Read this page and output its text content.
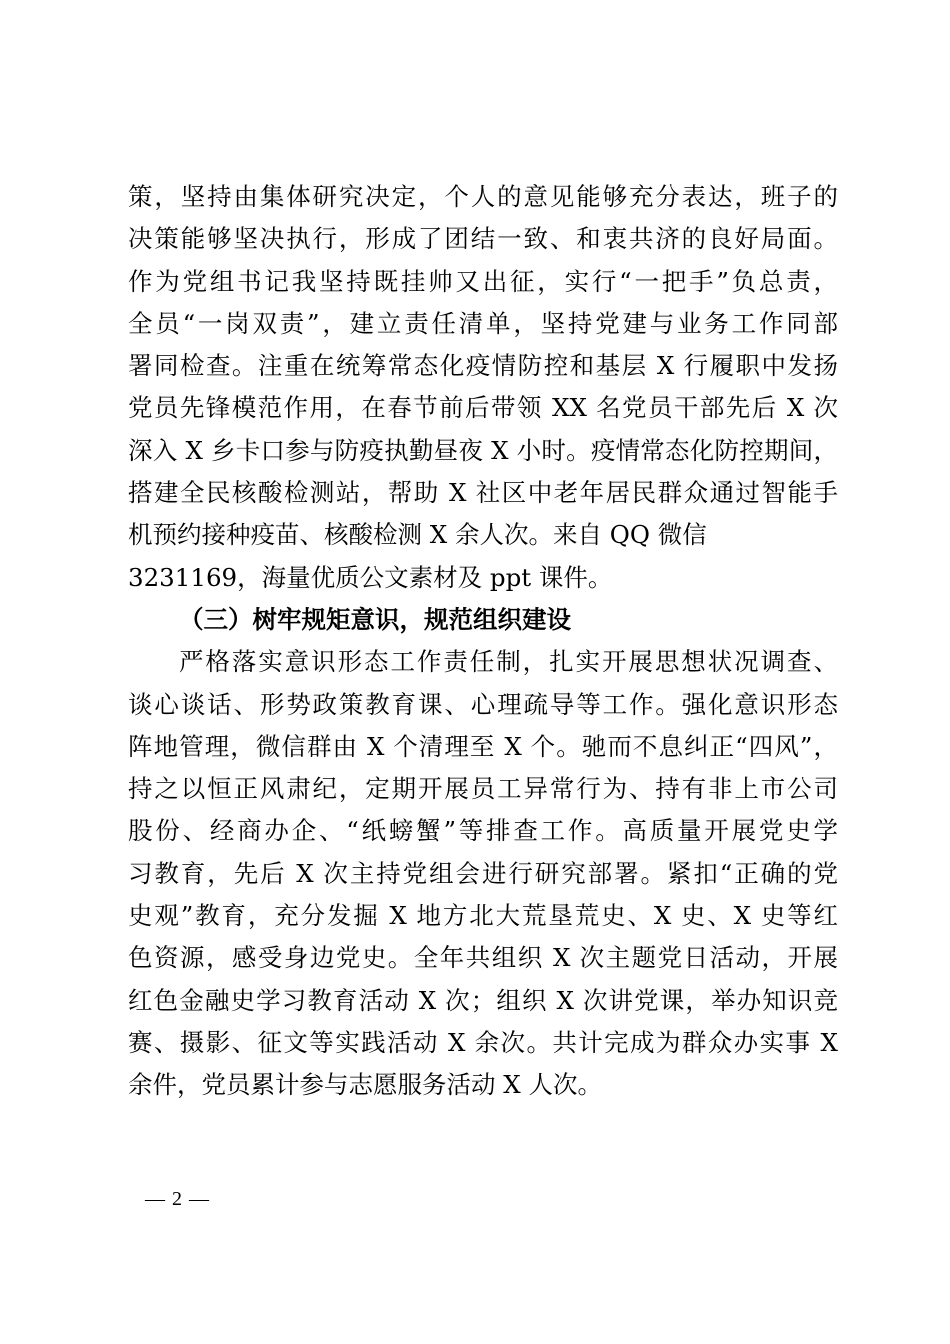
策，坚持由集体研究决定，个人的意见能够充分表达，班子的
决策能够坚决执行，形成了团结一致、和衷共济的良好局面。
作为党组书记我坚持既挂帅又出征，实行“一把手”负总责，
全员“一岗双责”，建立责任清单，坚持党建与业务工作同部
署同检查。注重在统筹常态化疫情防控和基层 X 行履职中发扬
党员先锋模范作用，在春节前后带领 XX 名党员干部先后 X 次
深入 X 乡卡口参与防疫执勤昼夜 X 小时。疫情常态化防控期间，
搭建全民核酸检测站，帮助 X 社区中老年居民群众通过智能手
机预约接种疫苗、核酸检测 X 余人次。来自 QQ 微信
3231169，海量优质公文素材及 ppt 课件。
（三）树牢规矩意识，规范组织建设
严格落实意识形态工作责任制，扎实开展思想状况调查、
谈心谈话、形势政策教育课、心理疏导等工作。强化意识形态
阵地管理，微信群由 X 个清理至 X 个。驰而不息纠正“四风”，
持之以恒正风肃纪，定期开展员工异常行为、持有非上市公司
股份、经商办企、“纸螃蟹”等排查工作。高质量开展党史学
习教育，先后 X 次主持党组会进行研究部署。紧扣“正确的党
史观”教育，充分发掘 X 地方北大荒垦荒史、X 史、X 史等红
色资源，感受身边党史。全年共组织 X 次主题党日活动，开展
红色金融史学习教育活动 X 次；组织 X 次讲党课，举办知识竞
赛、摄影、征文等实践活动 X 余次。共计完成为群众办实事 X
余件，党员累计参与志愿服务活动 X 人次。
— 2 —
